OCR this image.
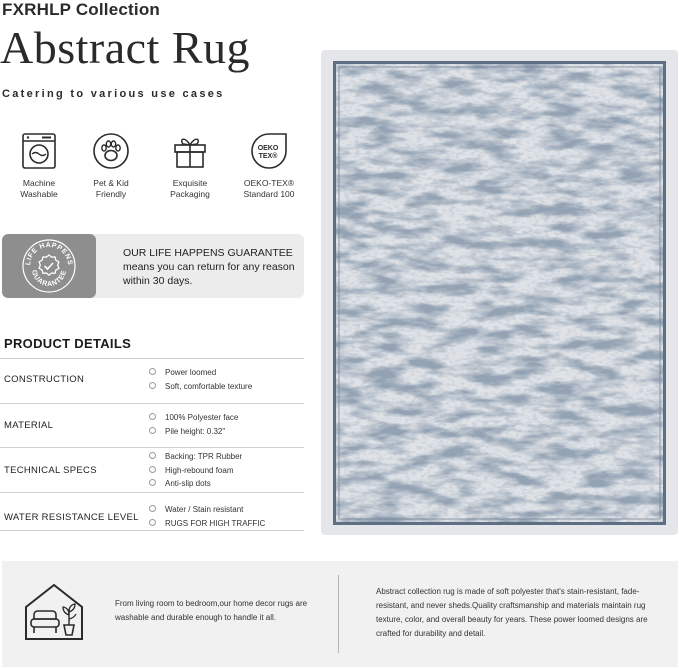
FXRHLP Collection
Abstract Rug
Catering to various use cases
Machine
Washable
Pet & Kid
Friendly
Exquisite
Packaging
OEKO
TEX®
OEKO-TEX®
Standard 100
LIFE HAPPENS
GUARANTEE
OUR LIFE HAPPENS GUARANTEE
means you can return for any reason within 30 days.
PRODUCT DETAILS
CONSTRUCTION
Power loomed
Soft, comfortable texture
MATERIAL
100% Polyester face
Pile height: 0.32"
TECHNICAL SPECS
Backing: TPR Rubber
High-rebound foam
Anti-slip dots
WATER RESISTANCE LEVEL
Water / Stain resistant
RUGS FOR HIGH TRAFFIC
From living room to bedroom,our home decor rugs are washable and durable enough to handle it all.
Abstract collection rug is made of soft polyester that's stain-resistant, fade-resistant, and never sheds.Quality craftsmanship and materials maintain rug texture, color, and overall beauty for years. These power loomed designs are crafted for durability and detail.
